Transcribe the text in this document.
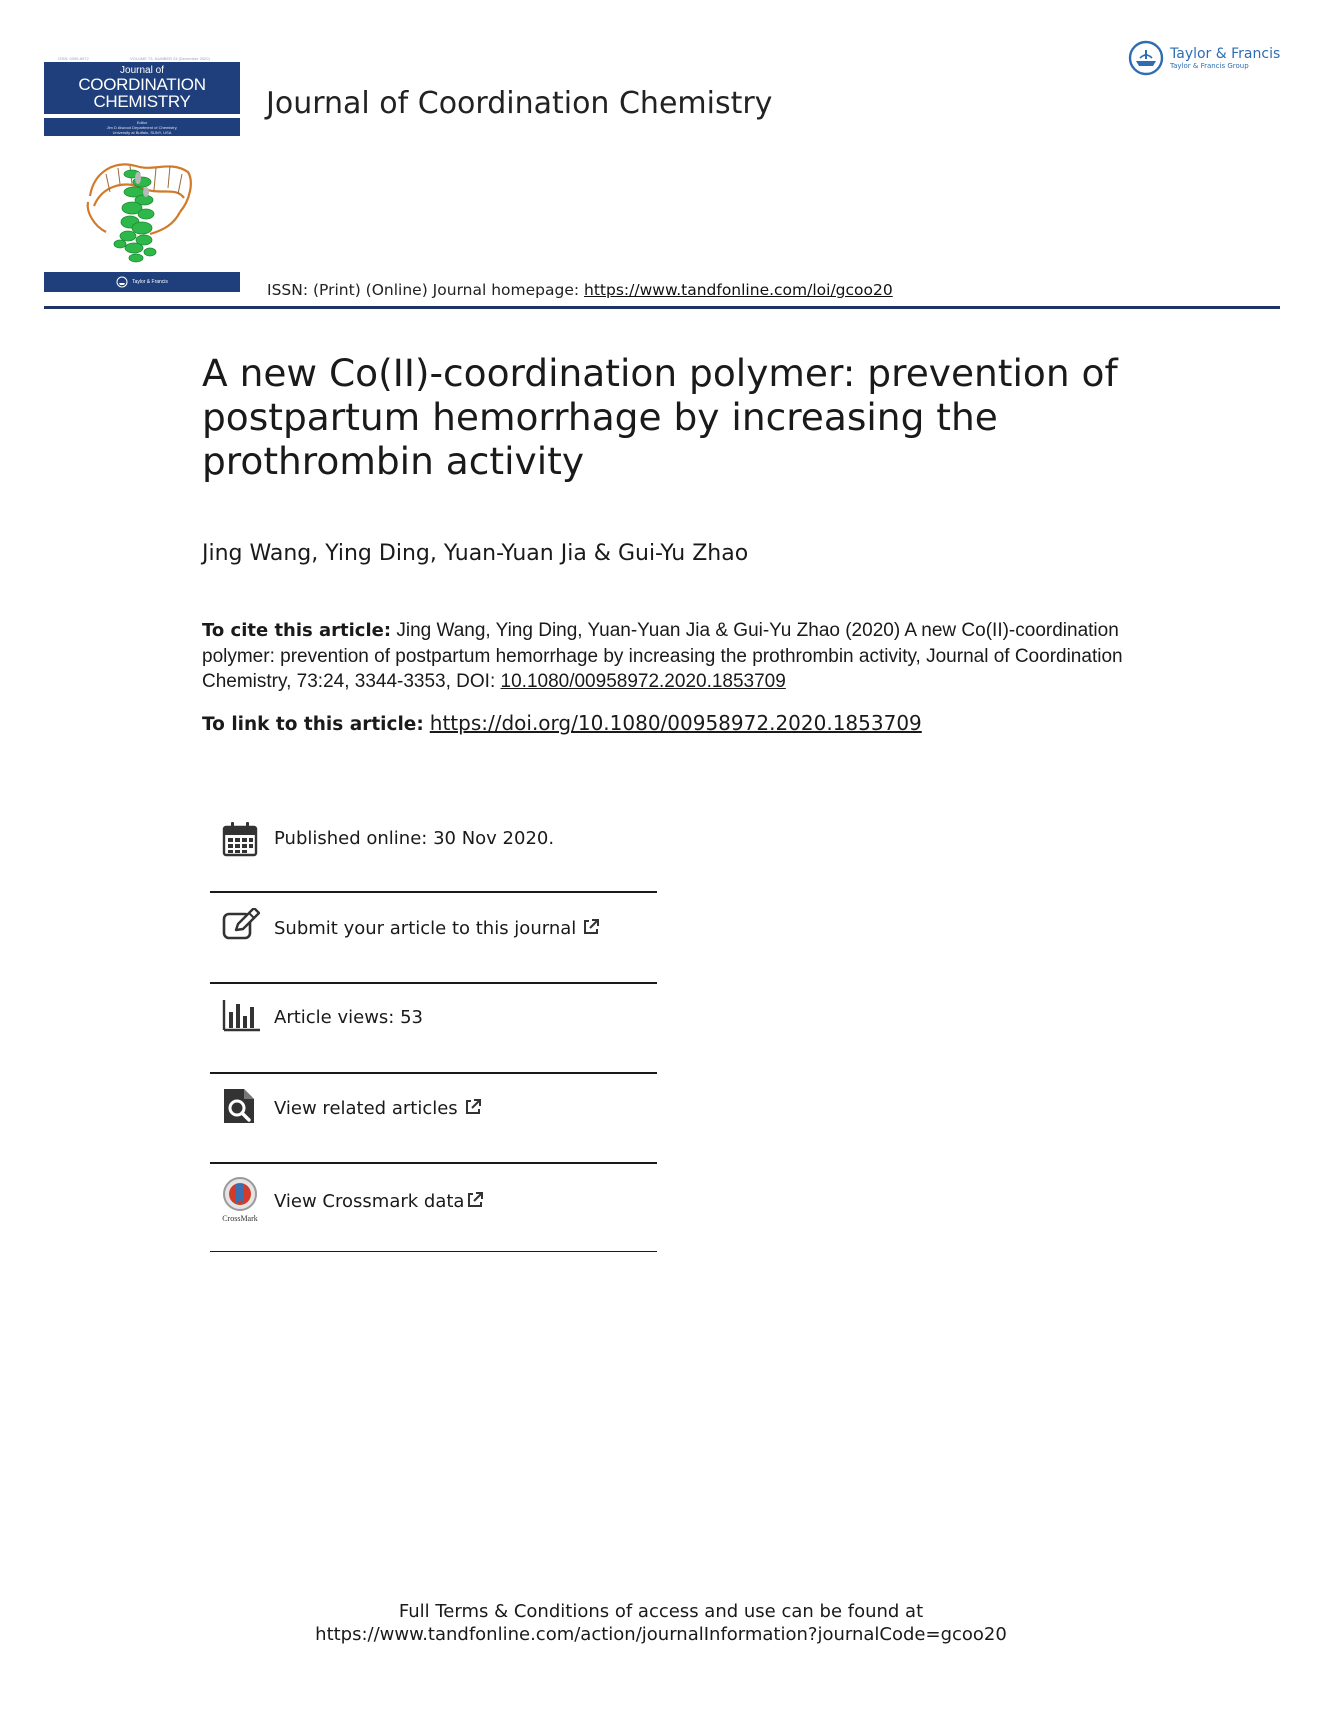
ISSN: 0095-8972	VOLUME 73, NUMBER 24 (December 2020)
Journal of
COORDINATION
CHEMISTRY
Editor
Jim D Atwood Department of Chemistry,
University at Buffalo, SUNY, USA
Taylor & Francis
Journal of Coordination Chemistry
Taylor & Francis
Taylor & Francis Group
ISSN: (Print) (Online) Journal homepage: https://www.tandfonline.com/loi/gcoo20
A new Co(II)-coordination polymer: prevention of postpartum hemorrhage by increasing the prothrombin activity
Jing Wang, Ying Ding, Yuan-Yuan Jia & Gui-Yu Zhao
To cite this article: Jing Wang, Ying Ding, Yuan-Yuan Jia & Gui-Yu Zhao (2020) A new Co(II)-coordination polymer: prevention of postpartum hemorrhage by increasing the prothrombin activity, Journal of Coordination Chemistry, 73:24, 3344-3353, DOI: 10.1080/00958972.2020.1853709
To link to this article: https://doi.org/10.1080/00958972.2020.1853709
Published online: 30 Nov 2020.
Submit your article to this journal
Article views: 53
View related articles
CrossMark
View Crossmark data
Full Terms & Conditions of access and use can be found at
https://www.tandfonline.com/action/journalInformation?journalCode=gcoo20
